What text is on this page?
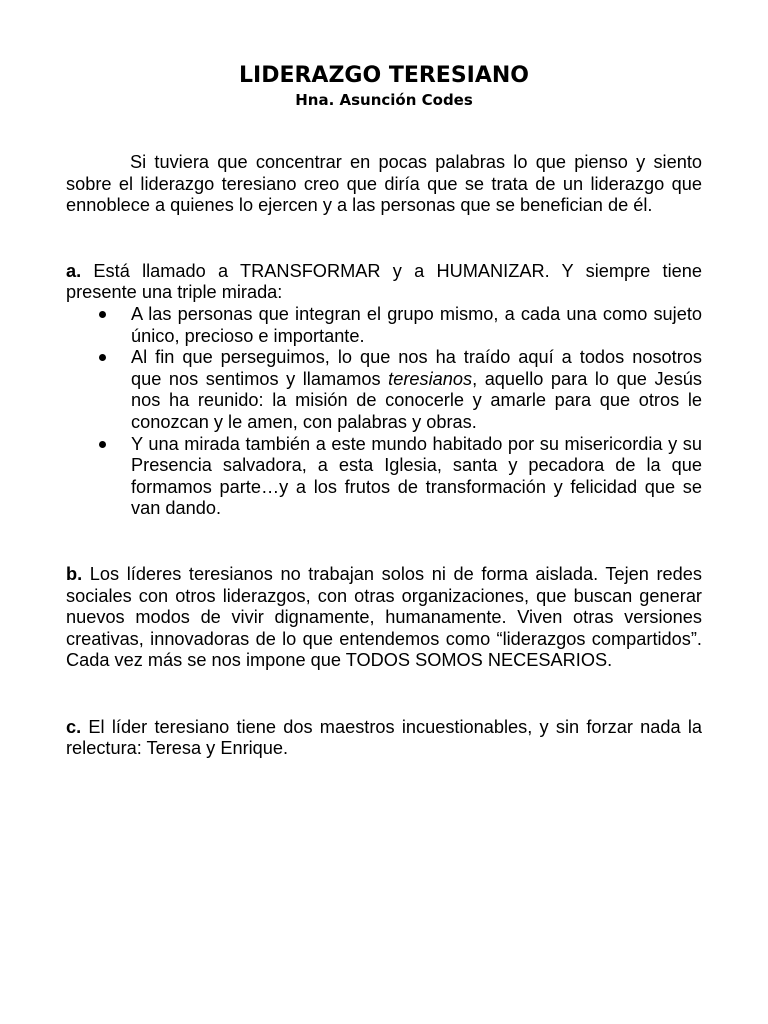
LIDERAZGO TERESIANO

Hna. Asunción Codes

Si tuviera que concentrar en pocas palabras lo que pienso y siento sobre el liderazgo teresiano creo que diría que se trata de un liderazgo que ennoblece a quienes lo ejercen y a las personas que se benefician de él.

a. Está llamado a TRANSFORMAR y a HUMANIZAR. Y siempre tiene presente una triple mirada:

A las personas que integran el grupo mismo, a cada una como sujeto único, precioso e importante.
Al fin que perseguimos, lo que nos ha traído aquí a todos nosotros que nos sentimos y llamamos teresianos, aquello para lo que Jesús nos ha reunido: la misión de conocerle y amarle para que otros le conozcan y le amen, con palabras y obras.
Y una mirada también a este mundo habitado por su misericordia y su Presencia salvadora, a esta Iglesia, santa y pecadora de la que formamos parte…y a los frutos de transformación y felicidad que se van dando.

b. Los líderes teresianos no trabajan solos ni de forma aislada. Tejen redes sociales con otros liderazgos, con otras organizaciones, que buscan generar nuevos modos de vivir dignamente, humanamente. Viven otras versiones creativas, innovadoras de lo que entendemos como “liderazgos compartidos”. Cada vez más se nos impone que TODOS SOMOS NECESARIOS.

c. El líder teresiano tiene dos maestros incuestionables, y sin forzar nada la relectura: Teresa y Enrique.
